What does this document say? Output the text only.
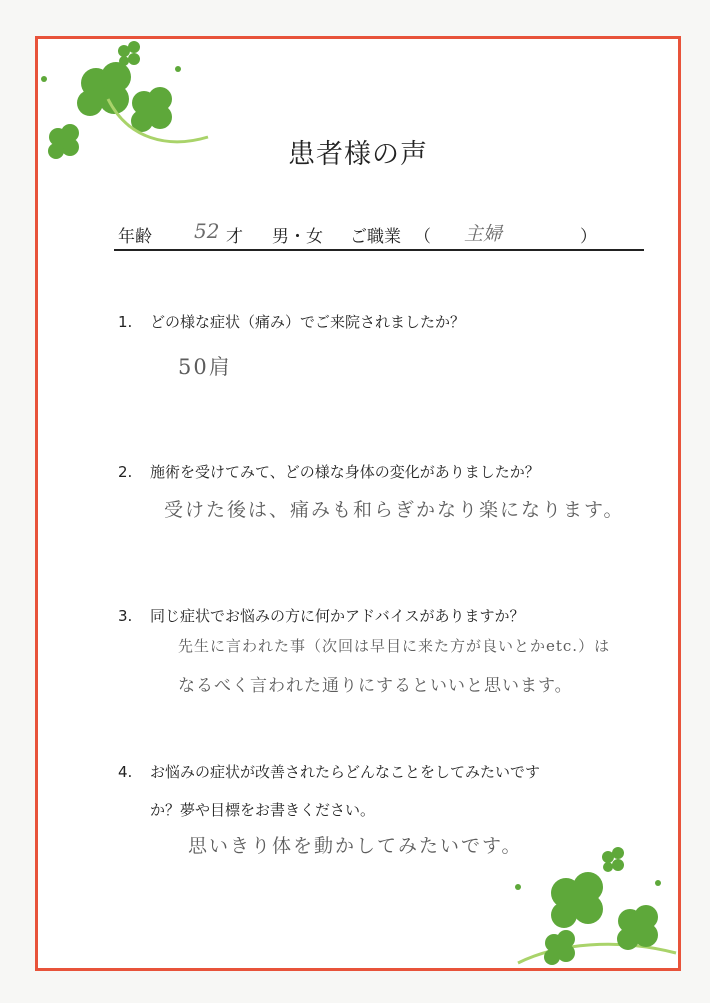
患者様の声
年齢 52 才 男・女 ご職業 （ 主婦	）
1. どの様な症状（痛み）でご来院されましたか？
50肩
2. 施術を受けてみて、どの様な身体の変化がありましたか？
受けた後は、痛みも和らぎかなり楽になります。
3. 同じ症状でお悩みの方に何かアドバイスがありますか？
先生に言われた事（次回は早目に来た方が良いとかetc.）は
なるべく言われた通りにするといいと思います。
4. お悩みの症状が改善されたらどんなことをしてみたいです
か？夢や目標をお書きください。
思いきり体を動かしてみたいです。
